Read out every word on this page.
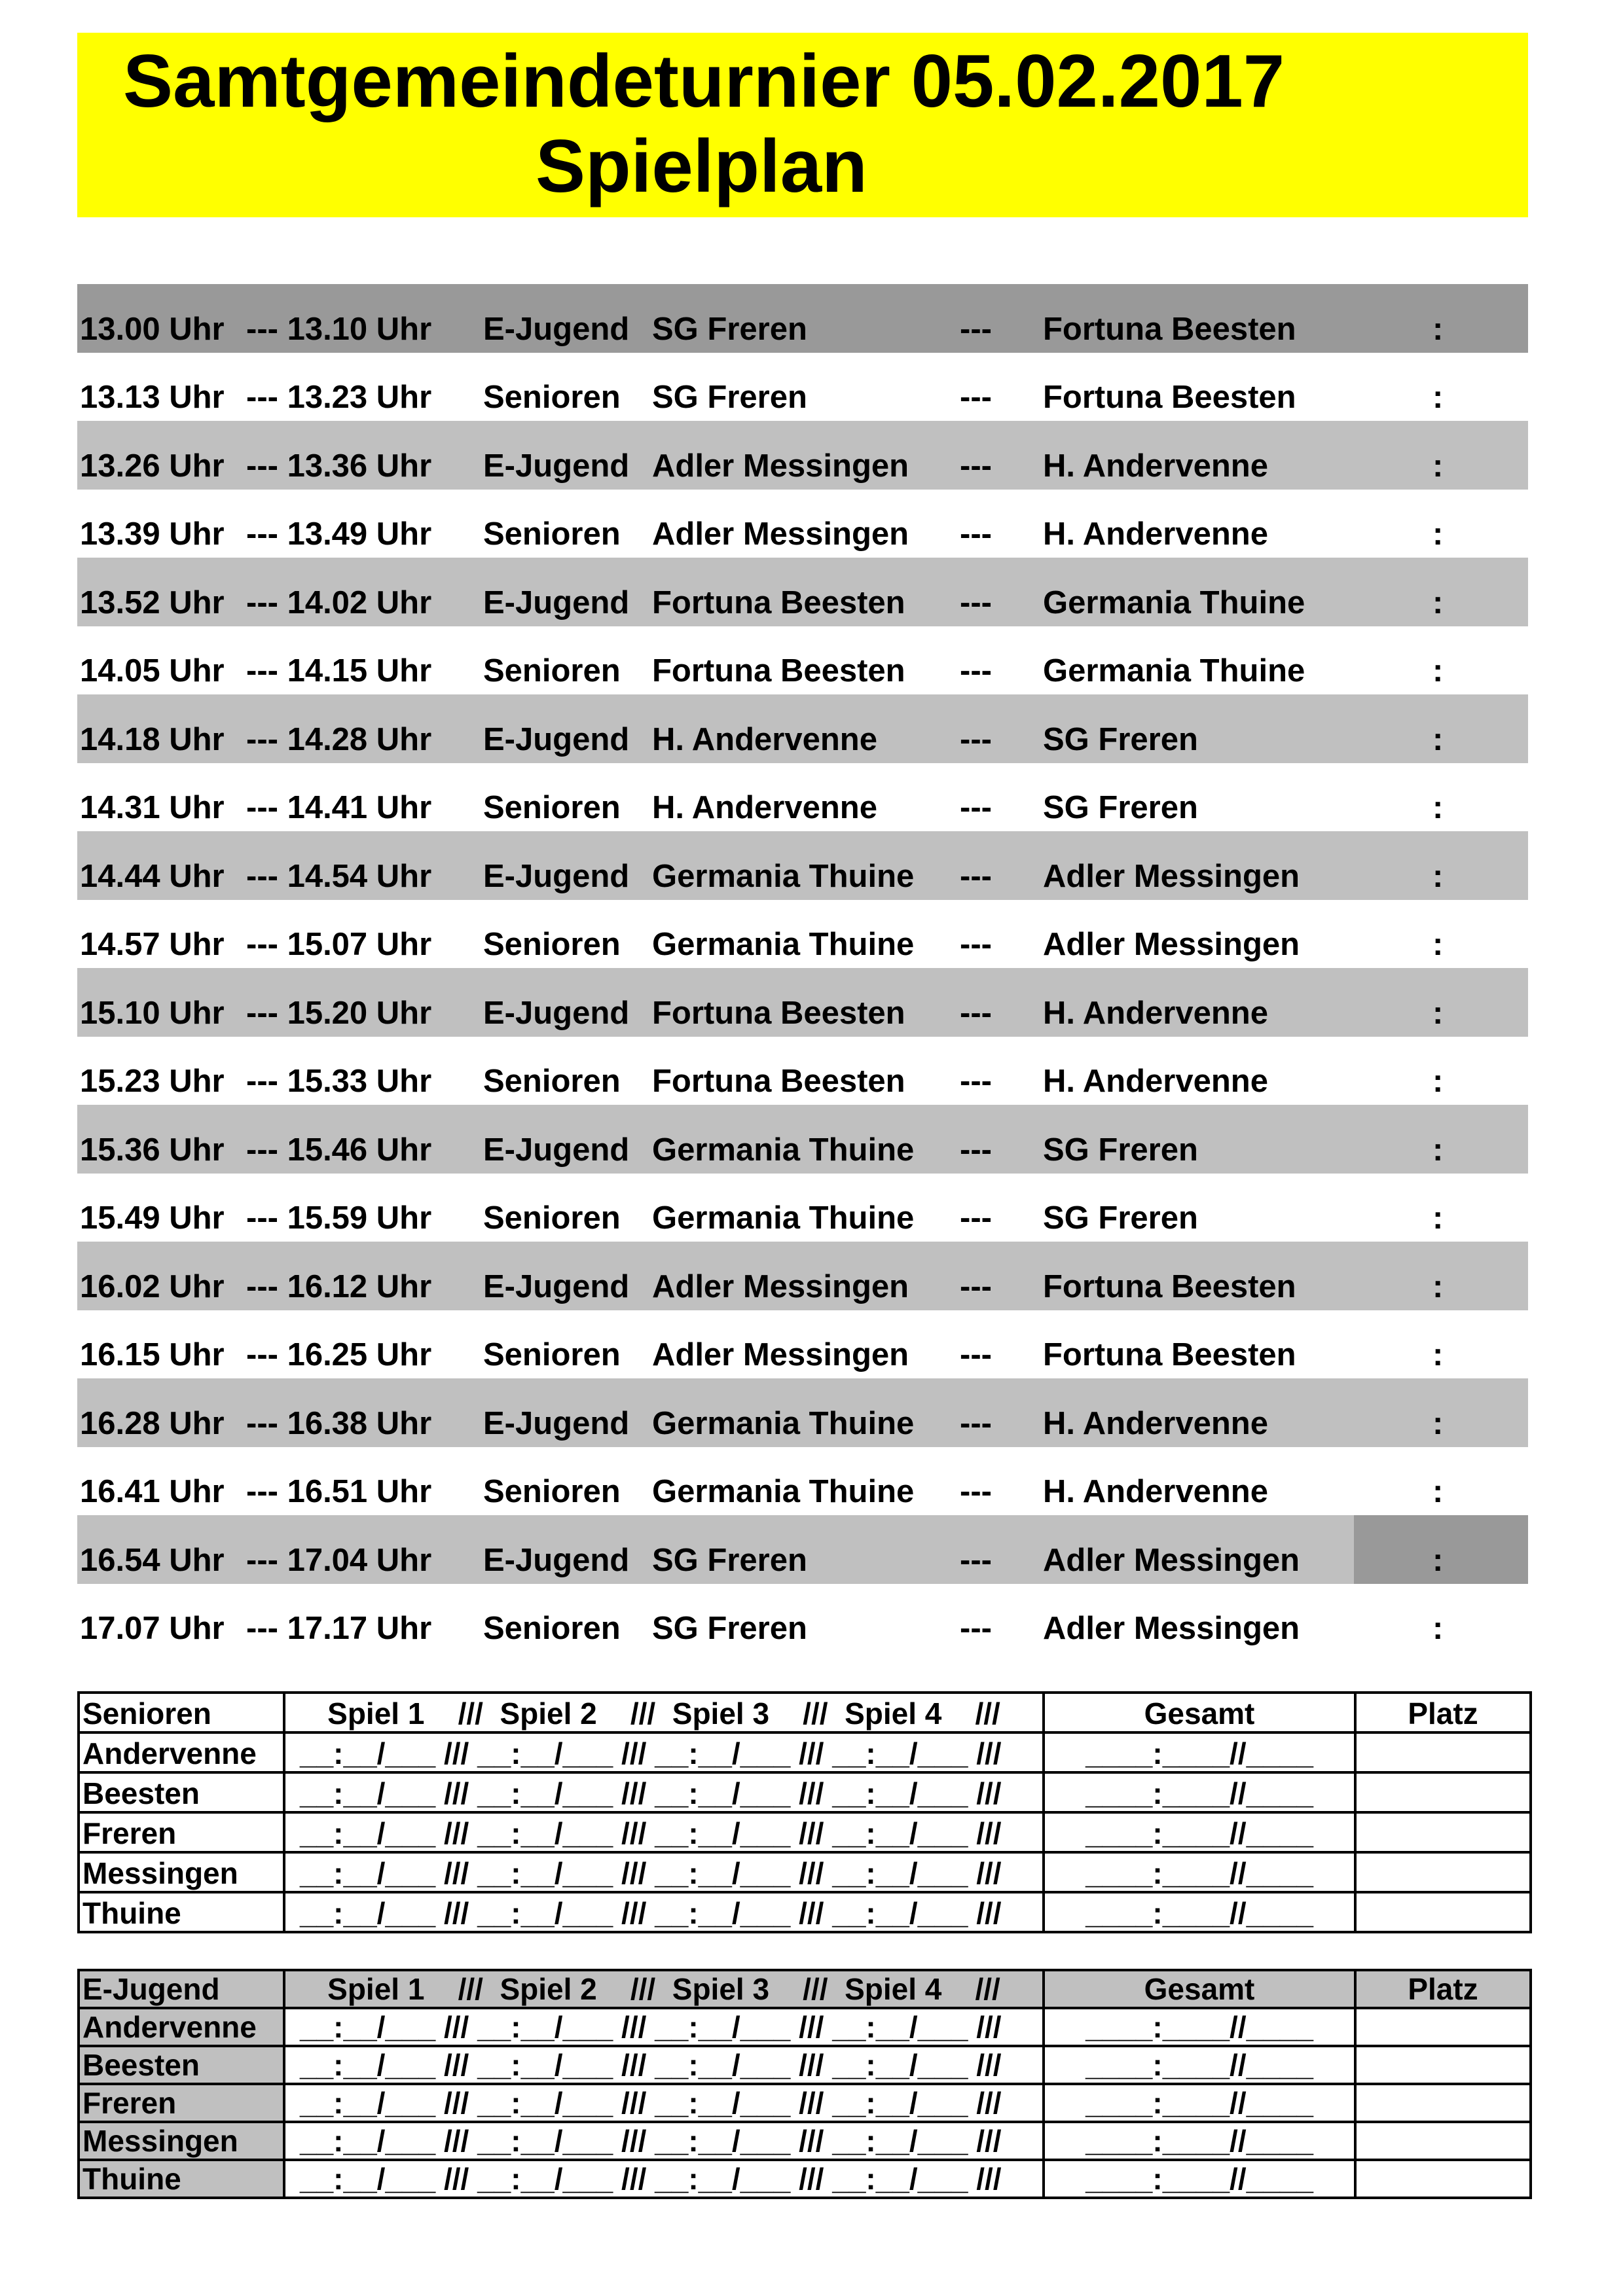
Samtgemeindeturnier 05.02.2017
Spielplan
13.00 Uhr --- 13.10 Uhr E-Jugend SG Freren	--- Fortuna Beesten	:
13.13 Uhr --- 13.23 Uhr Senioren SG Freren	--- Fortuna Beesten	:
13.26 Uhr --- 13.36 Uhr E-Jugend Adler Messingen --- H. Andervenne	:
13.39 Uhr --- 13.49 Uhr Senioren Adler Messingen --- H. Andervenne	:
13.52 Uhr --- 14.02 Uhr E-Jugend Fortuna Beesten --- Germania Thuine	:
14.05 Uhr --- 14.15 Uhr Senioren Fortuna Beesten --- Germania Thuine	:
14.18 Uhr --- 14.28 Uhr E-Jugend H. Andervenne	--- SG Freren	:
14.31 Uhr --- 14.41 Uhr Senioren H. Andervenne	--- SG Freren	:
14.44 Uhr --- 14.54 Uhr E-Jugend Germania Thuine --- Adler Messingen	:
14.57 Uhr --- 15.07 Uhr Senioren Germania Thuine --- Adler Messingen	:
15.10 Uhr --- 15.20 Uhr E-Jugend Fortuna Beesten --- H. Andervenne	:
15.23 Uhr --- 15.33 Uhr Senioren Fortuna Beesten --- H. Andervenne	:
15.36 Uhr --- 15.46 Uhr E-Jugend Germania Thuine --- SG Freren	:
15.49 Uhr --- 15.59 Uhr Senioren Germania Thuine --- SG Freren	:
16.02 Uhr --- 16.12 Uhr E-Jugend Adler Messingen --- Fortuna Beesten	:
16.15 Uhr --- 16.25 Uhr Senioren Adler Messingen --- Fortuna Beesten	:
16.28 Uhr --- 16.38 Uhr E-Jugend Germania Thuine --- H. Andervenne	:
16.41 Uhr --- 16.51 Uhr Senioren Germania Thuine --- H. Andervenne	:
16.54 Uhr --- 17.04 Uhr E-Jugend SG Freren	--- Adler Messingen	:
17.07 Uhr --- 17.17 Uhr Senioren SG Freren	--- Adler Messingen	:
Senioren	Spiel 1    ///  Spiel 2    ///  Spiel 3    ///  Spiel 4    ///	Gesamt	Platz
Andervenne	__:__/___ /// __:__/___ /// __:__/___ /// __:__/___ ///	____:____//____	
Beesten	__:__/___ /// __:__/___ /// __:__/___ /// __:__/___ ///	____:____//____	
Freren	__:__/___ /// __:__/___ /// __:__/___ /// __:__/___ ///	____:____//____	
Messingen	__:__/___ /// __:__/___ /// __:__/___ /// __:__/___ ///	____:____//____	
Thuine	__:__/___ /// __:__/___ /// __:__/___ /// __:__/___ ///	____:____//____	
E-Jugend	Spiel 1    ///  Spiel 2    ///  Spiel 3    ///  Spiel 4    ///	Gesamt	Platz
Andervenne	__:__/___ /// __:__/___ /// __:__/___ /// __:__/___ ///	____:____//____	
Beesten	__:__/___ /// __:__/___ /// __:__/___ /// __:__/___ ///	____:____//____	
Freren	__:__/___ /// __:__/___ /// __:__/___ /// __:__/___ ///	____:____//____	
Messingen	__:__/___ /// __:__/___ /// __:__/___ /// __:__/___ ///	____:____//____	
Thuine	__:__/___ /// __:__/___ /// __:__/___ /// __:__/___ ///	____:____//____	
